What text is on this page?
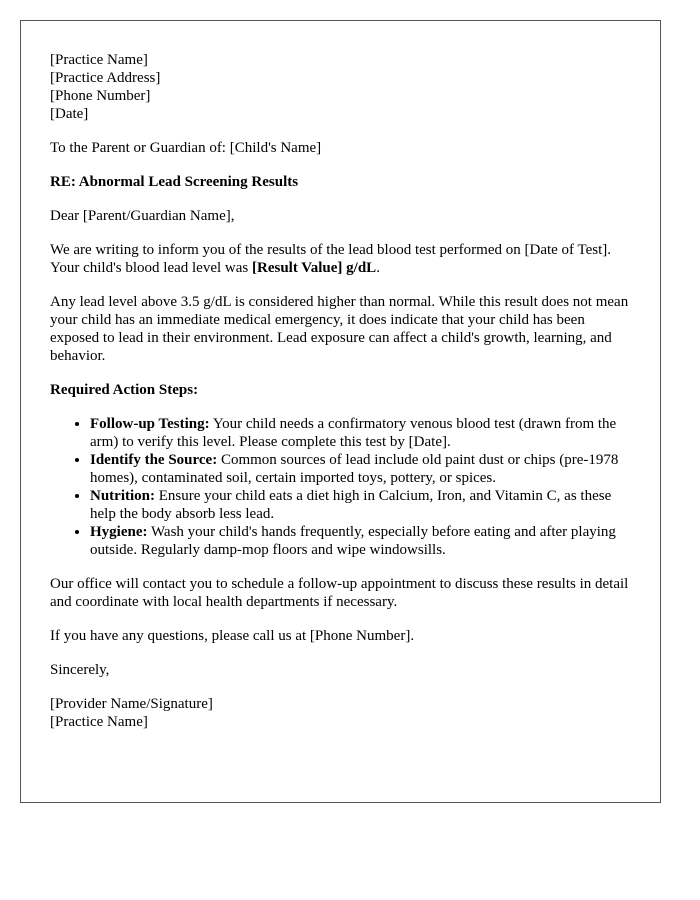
[Practice Name]
[Practice Address]
[Phone Number]
[Date]

To the Parent or Guardian of: [Child's Name]

RE: Abnormal Lead Screening Results

Dear [Parent/Guardian Name],

We are writing to inform you of the results of the lead blood test performed on [Date of Test]. Your child's blood lead level was [Result Value] g/dL.

Any lead level above 3.5 g/dL is considered higher than normal. While this result does not mean your child has an immediate medical emergency, it does indicate that your child has been exposed to lead in their environment. Lead exposure can affect a child's growth, learning, and behavior.

Required Action Steps:

• Follow-up Testing: Your child needs a confirmatory venous blood test (drawn from the arm) to verify this level. Please complete this test by [Date].
• Identify the Source: Common sources of lead include old paint dust or chips (pre-1978 homes), contaminated soil, certain imported toys, pottery, or spices.
• Nutrition: Ensure your child eats a diet high in Calcium, Iron, and Vitamin C, as these help the body absorb less lead.
• Hygiene: Wash your child's hands frequently, especially before eating and after playing outside. Regularly damp-mop floors and wipe windowsills.

Our office will contact you to schedule a follow-up appointment to discuss these results in detail and coordinate with local health departments if necessary.

If you have any questions, please call us at [Phone Number].

Sincerely,

[Provider Name/Signature]
[Practice Name]
